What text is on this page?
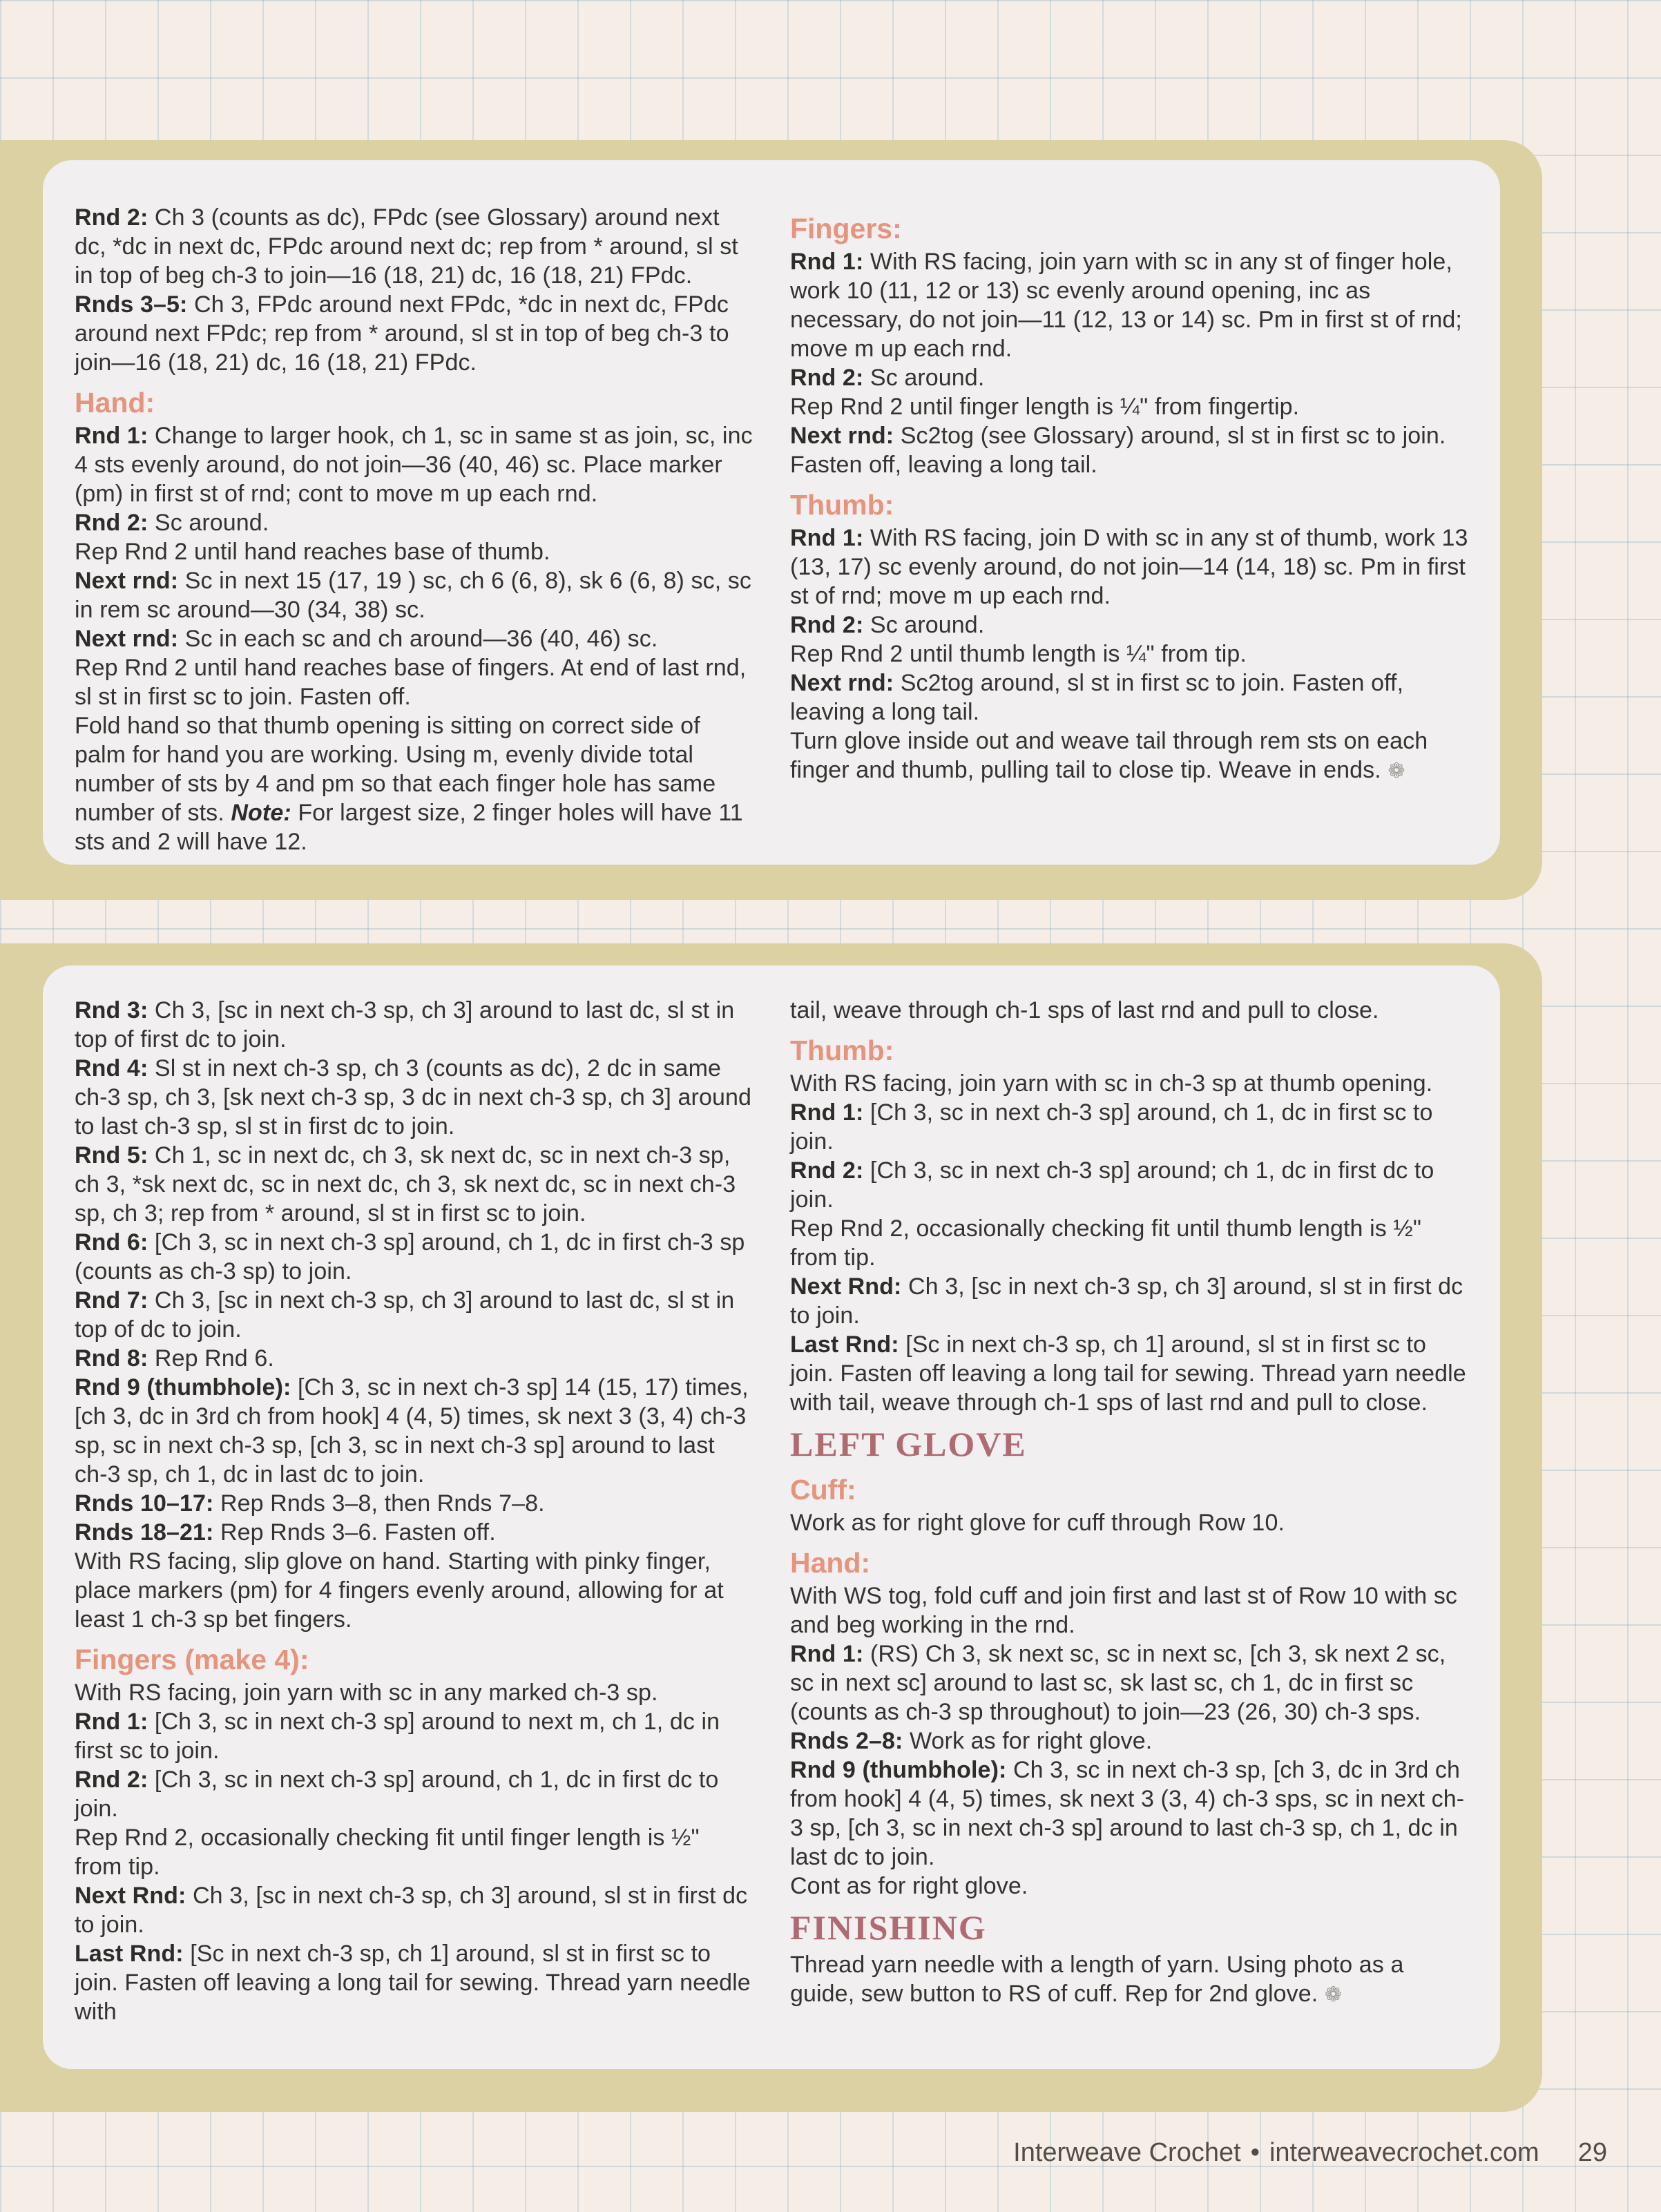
Rnd 2: Ch 3 (counts as dc), FPdc (see Glossary) around next dc, *dc in next dc, FPdc around next dc; rep from * around, sl st in top of beg ch-3 to join—16 (18, 21) dc, 16 (18, 21) FPdc.

Rnds 3–5: Ch 3, FPdc around next FPdc, *dc in next dc, FPdc around next FPdc; rep from * around, sl st in top of beg ch-3 to join—16 (18, 21) dc, 16 (18, 21) FPdc.

Hand:

Rnd 1: Change to larger hook, ch 1, sc in same st as join, sc, inc 4 sts evenly around, do not join—36 (40, 46) sc. Place marker (pm) in first st of rnd; cont to move m up each rnd.

Rnd 2: Sc around.

Rep Rnd 2 until hand reaches base of thumb.

Next rnd: Sc in next 15 (17, 19 ) sc, ch 6 (6, 8), sk 6 (6, 8) sc, sc in rem sc around—30 (34, 38) sc.

Next rnd: Sc in each sc and ch around—36 (40, 46) sc.

Rep Rnd 2 until hand reaches base of fingers. At end of last rnd, sl st in first sc to join. Fasten off.

Fold hand so that thumb opening is sitting on correct side of palm for hand you are working. Using m, evenly divide total number of sts by 4 and pm so that each finger hole has same number of sts. Note: For largest size, 2 finger holes will have 11 sts and 2 will have 12.

Fingers:

Rnd 1: With RS facing, join yarn with sc in any st of finger hole, work 10 (11, 12 or 13) sc evenly around opening, inc as necessary, do not join—11 (12, 13 or 14) sc. Pm in first st of rnd; move m up each rnd.

Rnd 2: Sc around.

Rep Rnd 2 until finger length is ¼" from fingertip.

Next rnd: Sc2tog (see Glossary) around, sl st in first sc to join. Fasten off, leaving a long tail.

Thumb:

Rnd 1: With RS facing, join D with sc in any st of thumb, work 13 (13, 17) sc evenly around, do not join—14 (14, 18) sc. Pm in first st of rnd; move m up each rnd.

Rnd 2: Sc around.

Rep Rnd 2 until thumb length is ¼" from tip.

Next rnd: Sc2tog around, sl st in first sc to join. Fasten off, leaving a long tail.

Turn glove inside out and weave tail through rem sts on each finger and thumb, pulling tail to close tip. Weave in ends. ❁

Rnd 3: Ch 3, [sc in next ch-3 sp, ch 3] around to last dc, sl st in top of first dc to join.

Rnd 4: Sl st in next ch-3 sp, ch 3 (counts as dc), 2 dc in same ch-3 sp, ch 3, [sk next ch-3 sp, 3 dc in next ch-3 sp, ch 3] around to last ch-3 sp, sl st in first dc to join.

Rnd 5: Ch 1, sc in next dc, ch 3, sk next dc, sc in next ch-3 sp, ch 3, *sk next dc, sc in next dc, ch 3, sk next dc, sc in next ch-3 sp, ch 3; rep from * around, sl st in first sc to join.

Rnd 6: [Ch 3, sc in next ch-3 sp] around, ch 1, dc in first ch-3 sp (counts as ch-3 sp) to join.

Rnd 7: Ch 3, [sc in next ch-3 sp, ch 3] around to last dc, sl st in top of dc to join.

Rnd 8: Rep Rnd 6.

Rnd 9 (thumbhole): [Ch 3, sc in next ch-3 sp] 14 (15, 17) times, [ch 3, dc in 3rd ch from hook] 4 (4, 5) times, sk next 3 (3, 4) ch-3 sp, sc in next ch-3 sp, [ch 3, sc in next ch-3 sp] around to last ch-3 sp, ch 1, dc in last dc to join.

Rnds 10–17: Rep Rnds 3–8, then Rnds 7–8.

Rnds 18–21: Rep Rnds 3–6. Fasten off.

With RS facing, slip glove on hand. Starting with pinky finger, place markers (pm) for 4 fingers evenly around, allowing for at least 1 ch-3 sp bet fingers.

Fingers (make 4):

With RS facing, join yarn with sc in any marked ch-3 sp.

Rnd 1: [Ch 3, sc in next ch-3 sp] around to next m, ch 1, dc in first sc to join.

Rnd 2: [Ch 3, sc in next ch-3 sp] around, ch 1, dc in first dc to join.

Rep Rnd 2, occasionally checking fit until finger length is ½" from tip.

Next Rnd: Ch 3, [sc in next ch-3 sp, ch 3] around, sl st in first dc to join.

Last Rnd: [Sc in next ch-3 sp, ch 1] around, sl st in first sc to join. Fasten off leaving a long tail for sewing. Thread yarn needle with

tail, weave through ch-1 sps of last rnd and pull to close.

Thumb:

With RS facing, join yarn with sc in ch-3 sp at thumb opening.

Rnd 1: [Ch 3, sc in next ch-3 sp] around, ch 1, dc in first sc to join.

Rnd 2: [Ch 3, sc in next ch-3 sp] around; ch 1, dc in first dc to join.

Rep Rnd 2, occasionally checking fit until thumb length is ½" from tip.

Next Rnd: Ch 3, [sc in next ch-3 sp, ch 3] around, sl st in first dc to join.

Last Rnd: [Sc in next ch-3 sp, ch 1] around, sl st in first sc to join. Fasten off leaving a long tail for sewing. Thread yarn needle with tail, weave through ch-1 sps of last rnd and pull to close.

LEFT GLOVE
Cuff:

Work as for right glove for cuff through Row 10.

Hand:

With WS tog, fold cuff and join first and last st of Row 10 with sc and beg working in the rnd.

Rnd 1: (RS) Ch 3, sk next sc, sc in next sc, [ch 3, sk next 2 sc, sc in next sc] around to last sc, sk last sc, ch 1, dc in first sc (counts as ch-3 sp throughout) to join—23 (26, 30) ch-3 sps.

Rnds 2–8: Work as for right glove.

Rnd 9 (thumbhole): Ch 3, sc in next ch-3 sp, [ch 3, dc in 3rd ch from hook] 4 (4, 5) times, sk next 3 (3, 4) ch-3 sps, sc in next ch-3 sp, [ch 3, sc in next ch-3 sp] around to last ch-3 sp, ch 1, dc in last dc to join.

Cont as for right glove.

FINISHING

Thread yarn needle with a length of yarn. Using photo as a guide, sew button to RS of cuff. Rep for 2nd glove. ❁

Interweave Crochet • interweavecrochet.com 29
